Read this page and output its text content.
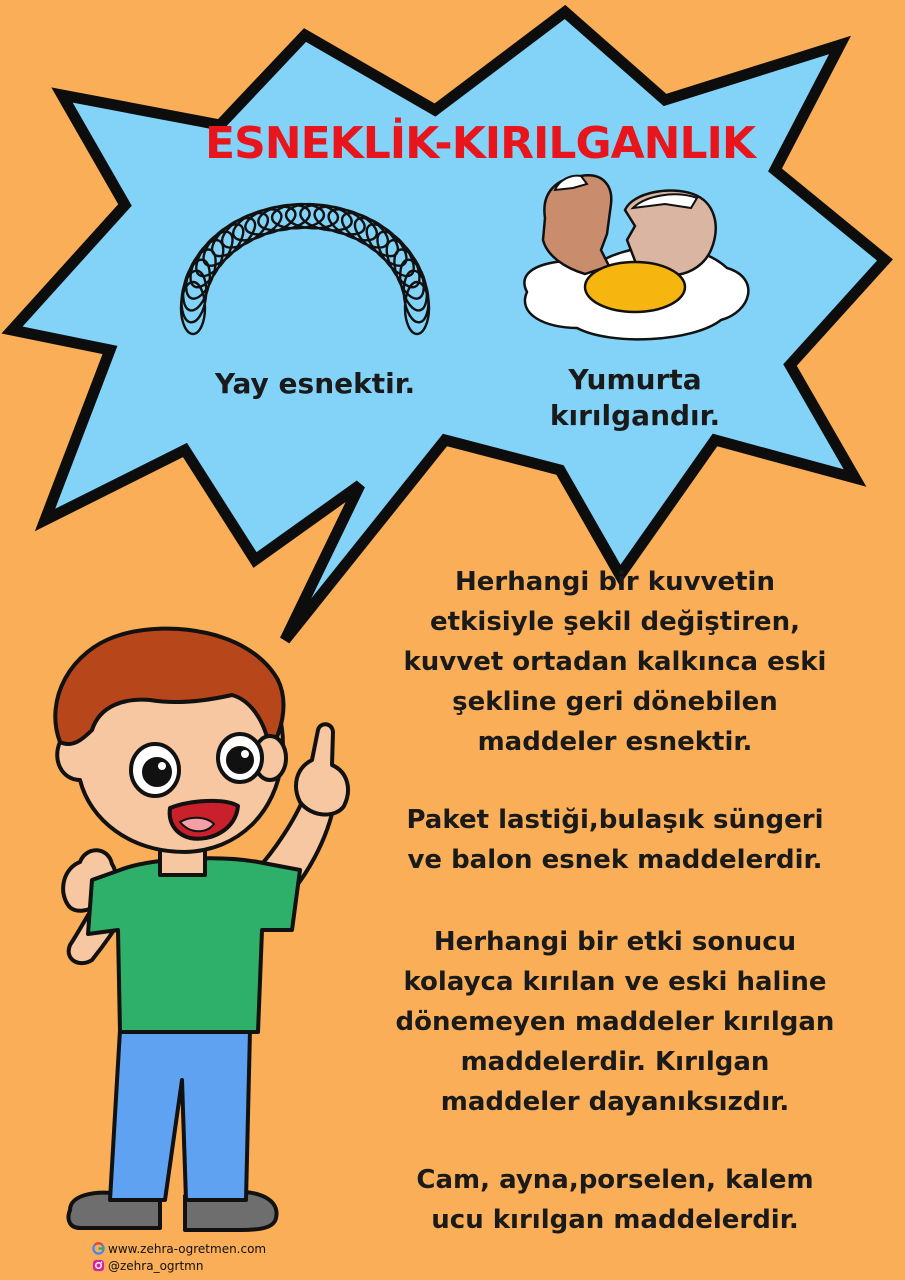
ESNEKLİK-KIRILGANLIK
Yay esnektir.	Yumurta
kırılgandır.
Herhangi bir kuvvetin
etkisiyle şekil değiştiren,
kuvvet ortadan kalkınca eski
şekline geri dönebilen
maddeler esnektir.
Paket lastiği,bulaşık süngeri
ve balon esnek maddelerdir.
Herhangi bir etki sonucu
kolayca kırılan ve eski haline
dönemeyen maddeler kırılgan
maddelerdir. Kırılgan
maddeler dayanıksızdır.
Cam, ayna,porselen, kalem
ucu kırılgan maddelerdir.
www.zehra-ogretmen.com
@zehra_ogrtmn
